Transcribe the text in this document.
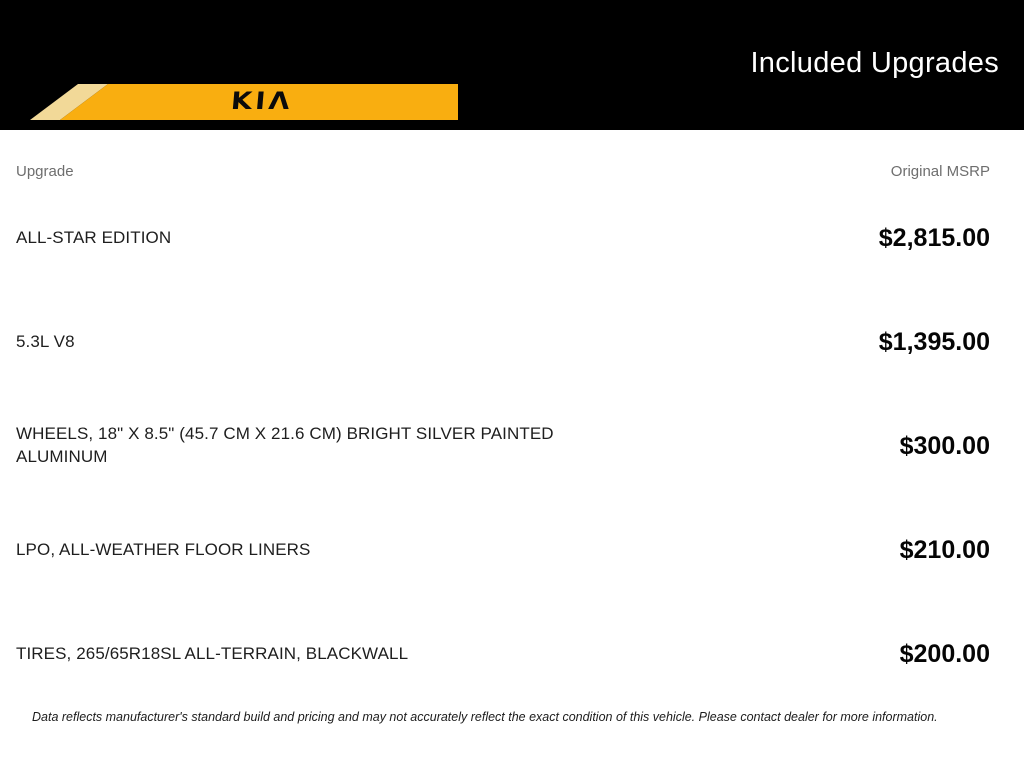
KIΛ
Included Upgrades
Upgrade	Original MSRP
ALL-STAR EDITION	$2,815.00
5.3L V8	$1,395.00
WHEELS, 18" X 8.5" (45.7 CM X 21.6 CM) BRIGHT SILVER PAINTED ALUMINUM	$300.00
LPO, ALL-WEATHER FLOOR LINERS	$210.00
TIRES, 265/65R18SL ALL-TERRAIN, BLACKWALL	$200.00
Data reflects manufacturer's standard build and pricing and may not accurately reflect the exact condition of this vehicle. Please contact dealer for more information.
